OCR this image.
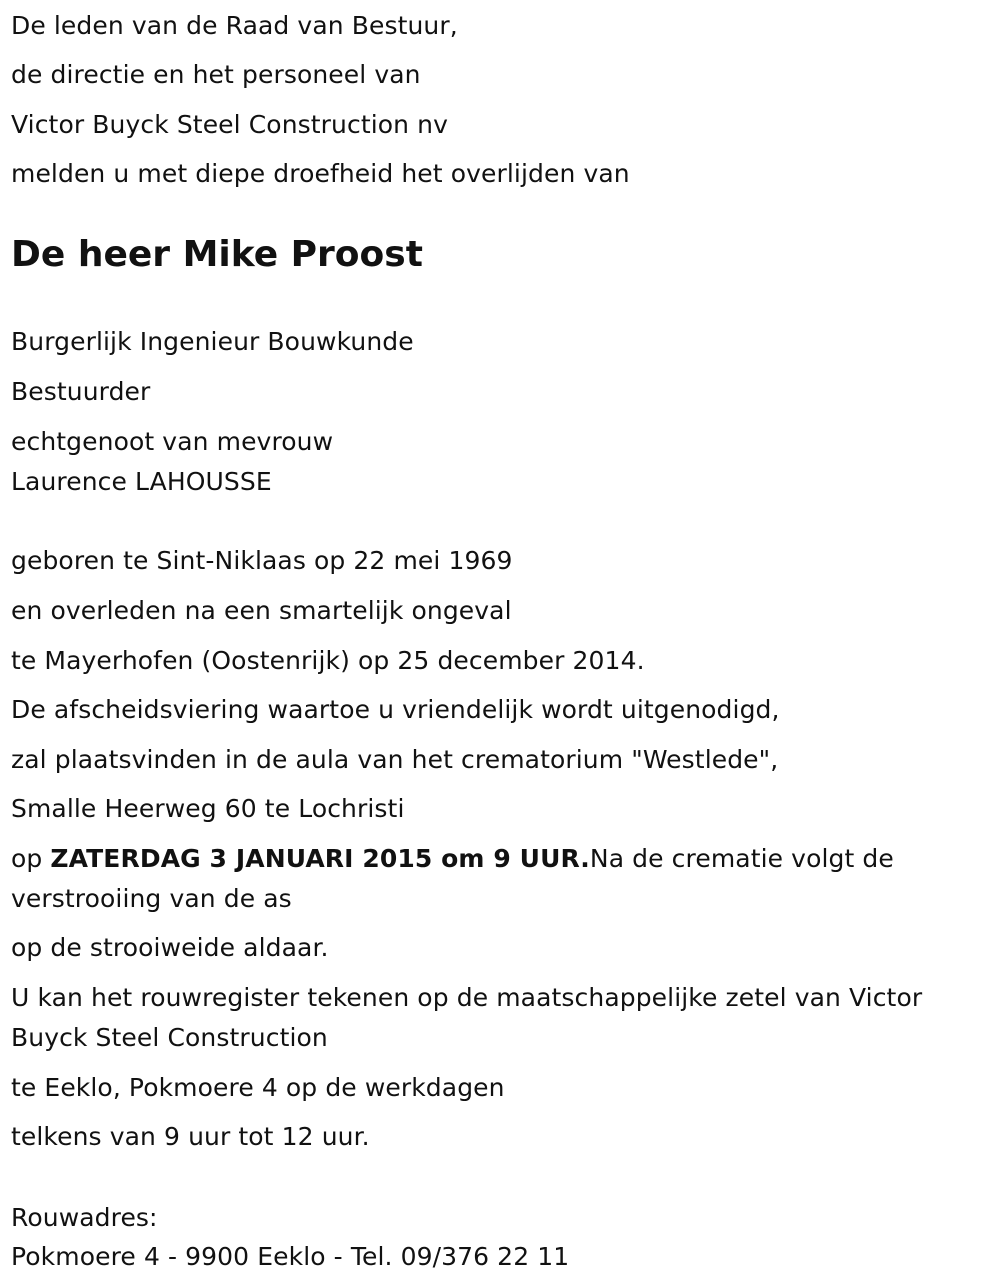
De leden van de Raad van Bestuur,

de directie en het personeel van

Victor Buyck Steel Construction nv

melden u met diepe droefheid het overlijden van

De heer Mike Proost

Burgerlijk Ingenieur Bouwkunde

Bestuurder

echtgenoot van mevrouw

Laurence LAHOUSSE

geboren te Sint-Niklaas op 22 mei 1969

en overleden na een smartelijk ongeval

te Mayerhofen (Oostenrijk) op 25 december 2014.

De afscheidsviering waartoe u vriendelijk wordt uitgenodigd,

zal plaatsvinden in de aula van het crematorium "Westlede",

Smalle Heerweg 60 te Lochristi

op ZATERDAG 3 JANUARI 2015 om 9 UUR.Na de crematie volgt de

verstrooiing van de as

op de strooiweide aldaar.

U kan het rouwregister tekenen op de maatschappelijke zetel van Victor

Buyck Steel Construction

te Eeklo, Pokmoere 4 op de werkdagen

telkens van 9 uur tot 12 uur.

Rouwadres:

Pokmoere 4 - 9900 Eeklo - Tel. 09/376 22 11
